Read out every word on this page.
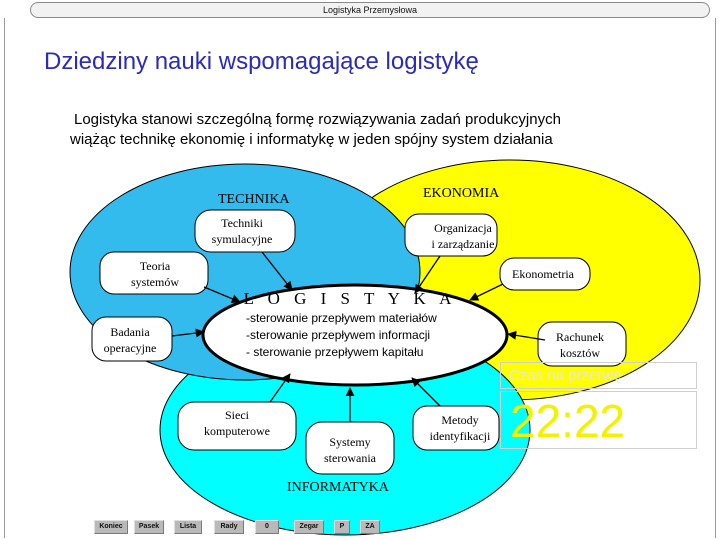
Logistyka Przemysłowa
Dziedziny nauki wspomagające logistykę

Logistyka stanowi szczególną formę rozwiązywania zadań produkcyjnych
wiążąc technikę ekonomię i informatykę w jeden spójny system działania

TECHNIKA	EKONOMIA
INFORMATYKA
Techniki
symulacyjne
Teoria
systemów
Badania
operacyjne
Organizacja
i zarządzanie
Ekonometria
Rachunek
kosztów
Sieci
komputerowe
Systemy
sterowania
Metody
identyfikacji
L O G I S T Y K A
-sterowanie przepływem materiałów
-sterowanie przepływem informacji
- sterowanie przepływem kapitału
Czas na przerwę
22:22
Koniec	Pasek	Lista	Rady	0	Zegar	P	ZA
